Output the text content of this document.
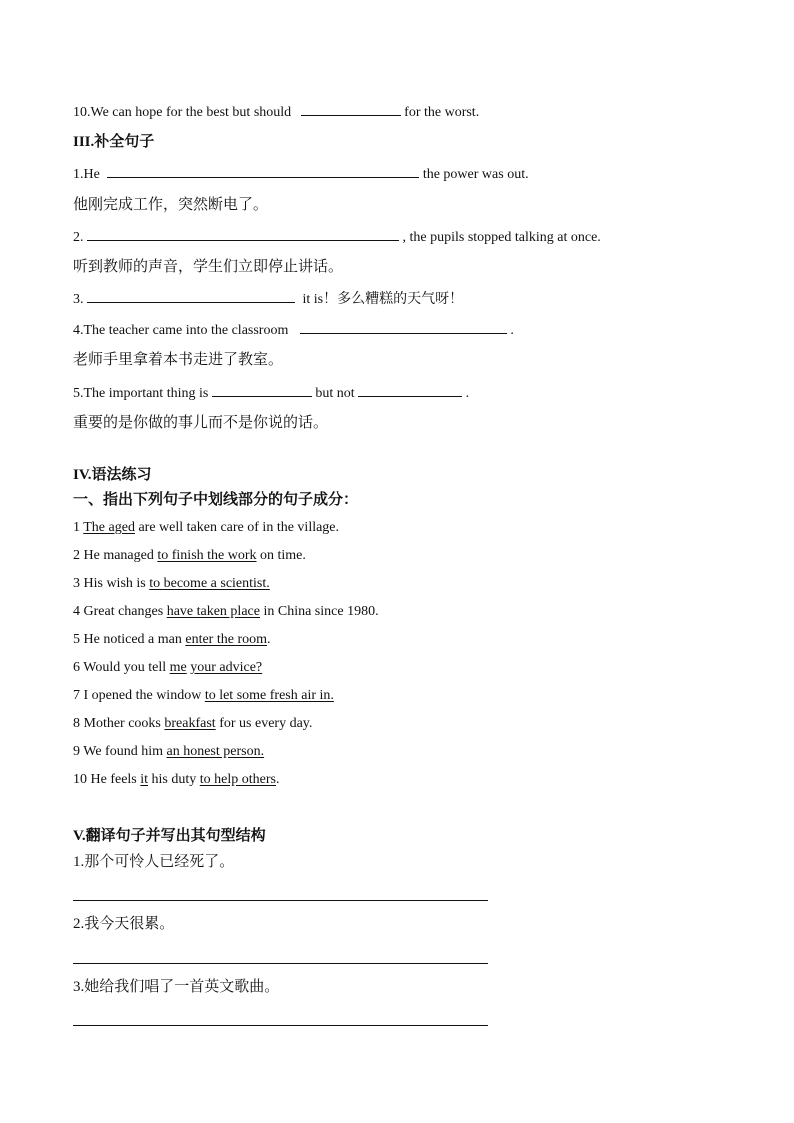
10.We can hope for the best but should	for the worst.
III.补全句子
1.He	the power was out.
他刚完成工作，突然断电了。
2.	, the pupils stopped talking at once.
听到教师的声音，学生们立即停止讲话。
3.	it is！多么糟糕的天气呀！
4.The teacher came into the classroom	.
老师手里拿着本书走进了教室。
5.The important thing is	but not	.
重要的是你做的事儿而不是你说的话。
IV.语法练习
一、指出下列句子中划线部分的句子成分：
1 The aged are well taken care of in the village.
2 He managed to finish the work on time.
3 His wish is to become a scientist.
4 Great changes have taken place in China since 1980.
5 He noticed a man enter the room.
6 Would you tell me your advice?
7 I opened the window to let some fresh air in.
8 Mother cooks breakfast for us every day.
9 We found him an honest person.
10 He feels it his duty to help others.
V.翻译句子并写出其句型结构
1.那个可怜人已经死了。
2.我今天很累。
3.她给我们唱了一首英文歌曲。
